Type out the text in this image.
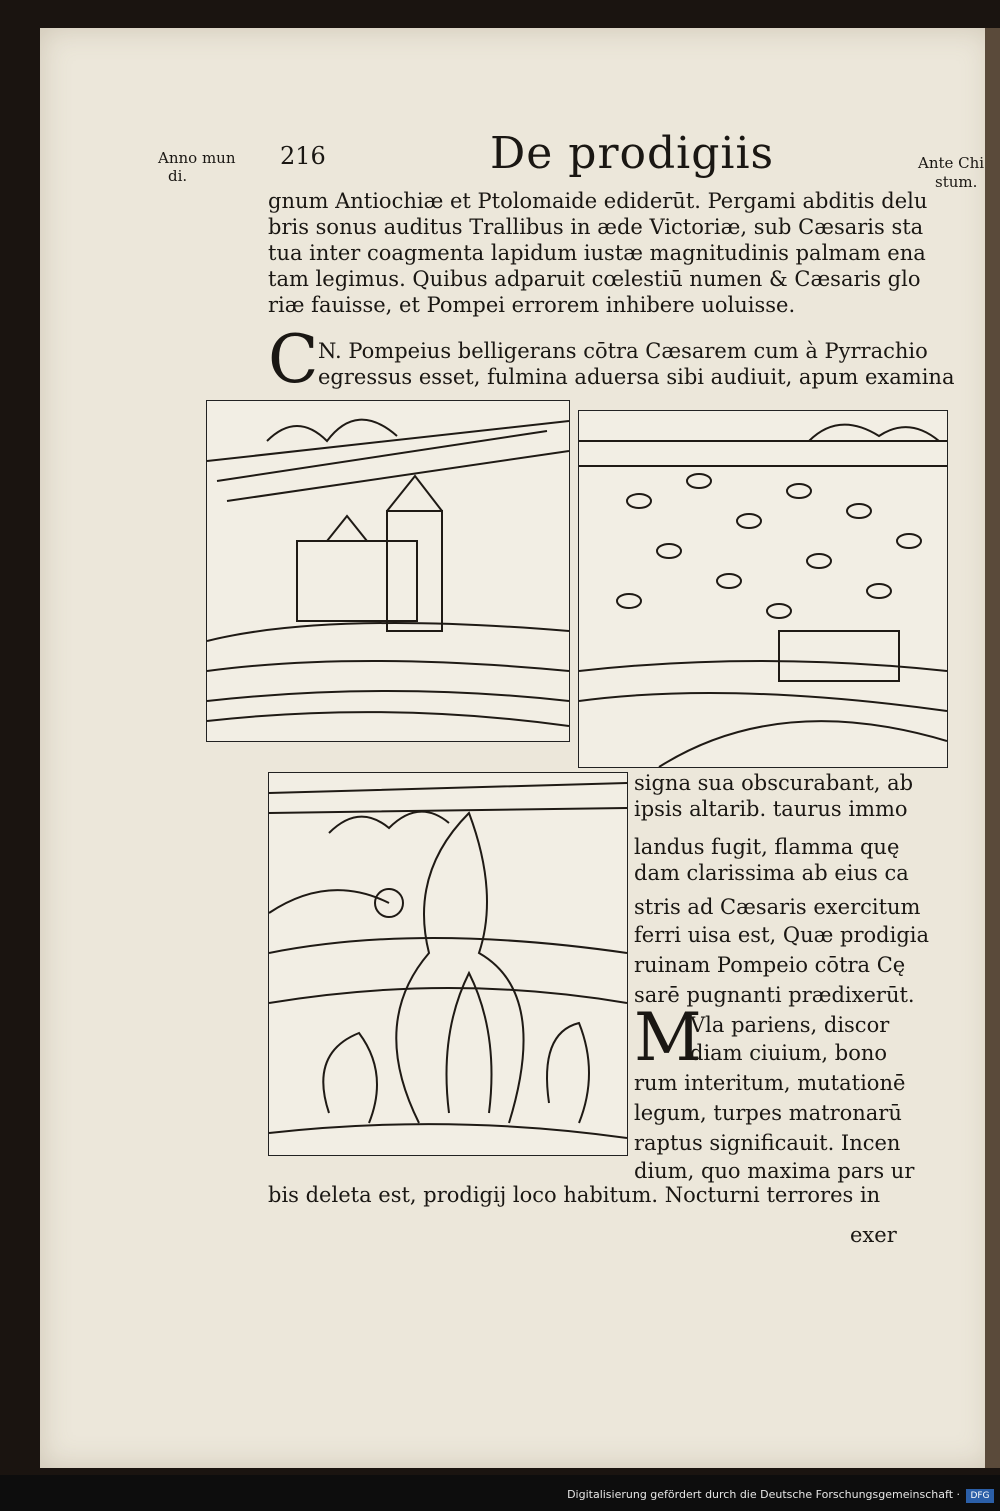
Anno mun
di.
216	De prodigiis	Ante Chi
stum.
gnum Antiochiæ et Ptolomaide ediderūt. Pergami abditis delu
bris sonus auditus Trallibus in æde Victoriæ, sub Cæsaris sta
tua inter coagmenta lapidum iustæ magnitudinis palmam ena
tam legimus. Quibus adparuit cœlestiū numen & Cæsaris glo
riæ fauisse, et Pompei errorem inhibere uoluisse.
C N. Pompeius belligerans cōtra Cæsarem cum à Pyrrachio
egressus esset, fulmina aduersa sibi audiuit, apum examina
signa sua obscurabant, ab
ipsis altarib. taurus immo
landus fugit, flamma quę
dam clarissima ab eius ca
stris ad Cæsaris exercitum
ferri uisa est, Quæ prodigia
ruinam Pompeio cōtra Cę
sarē pugnanti prædixerūt.
M
Vla pariens, discor
diam ciuium, bono
rum interitum, mutationē
legum, turpes matronarū
raptus significauit. Incen
dium, quo maxima pars ur
bis deleta est, prodigij loco habitum. Nocturni terrores in
exer
Digitalisierung gefördert durch die Deutsche Forschungsgemeinschaft ·	DFG
